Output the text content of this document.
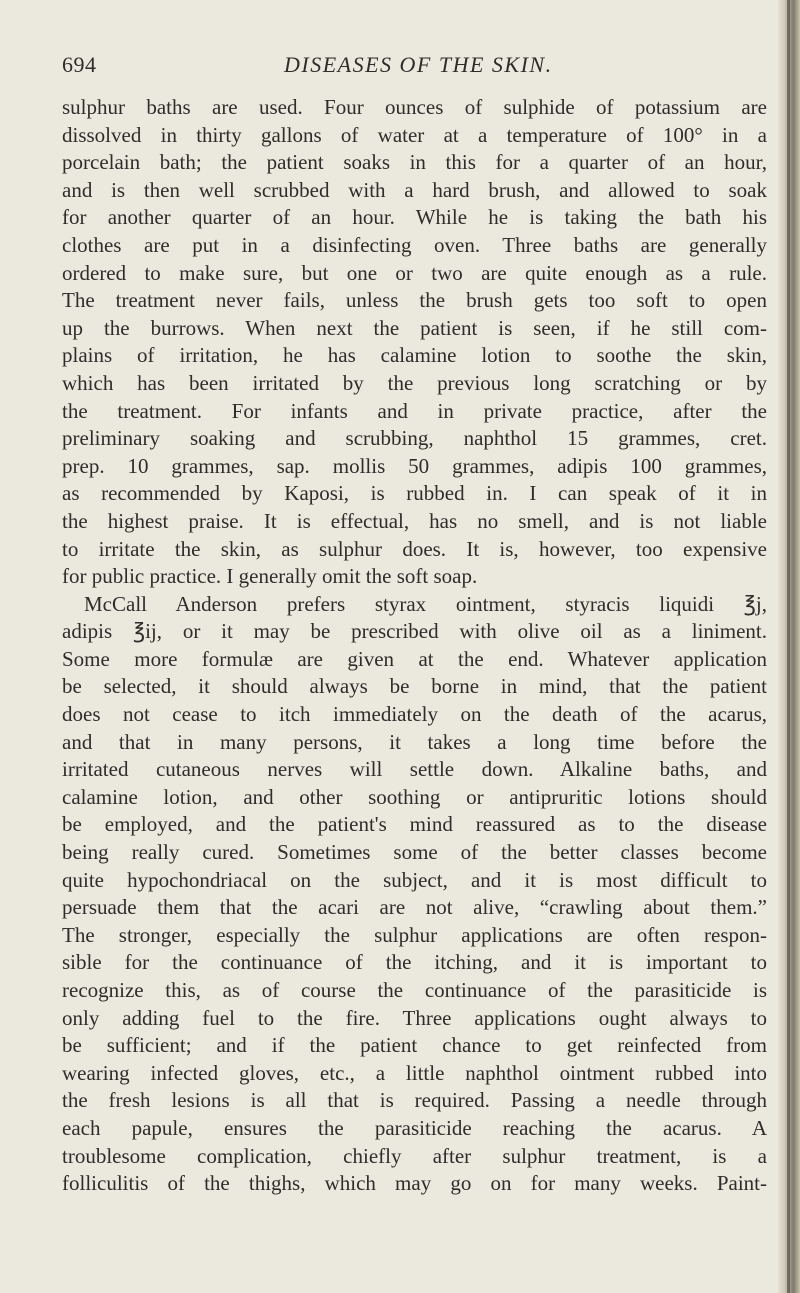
694	DISEASES OF THE SKIN.
sulphur baths are used. Four ounces of sulphide of potassium are
dissolved in thirty gallons of water at a temperature of 100° in a
porcelain bath; the patient soaks in this for a quarter of an hour,
and is then well scrubbed with a hard brush, and allowed to soak
for another quarter of an hour. While he is taking the bath his
clothes are put in a disinfecting oven. Three baths are generally
ordered to make sure, but one or two are quite enough as a rule.
The treatment never fails, unless the brush gets too soft to open
up the burrows. When next the patient is seen, if he still com-
plains of irritation, he has calamine lotion to soothe the skin,
which has been irritated by the previous long scratching or by
the treatment. For infants and in private practice, after the
preliminary soaking and scrubbing, naphthol 15 grammes, cret.
prep. 10 grammes, sap. mollis 50 grammes, adipis 100 grammes,
as recommended by Kaposi, is rubbed in. I can speak of it in
the highest praise. It is effectual, has no smell, and is not liable
to irritate the skin, as sulphur does. It is, however, too expensive
for public practice. I generally omit the soft soap.
McCall Anderson prefers styrax ointment, styracis liquidi ℥j,
adipis ℥ij, or it may be prescribed with olive oil as a liniment.
Some more formulæ are given at the end. Whatever application
be selected, it should always be borne in mind, that the patient
does not cease to itch immediately on the death of the acarus,
and that in many persons, it takes a long time before the
irritated cutaneous nerves will settle down. Alkaline baths, and
calamine lotion, and other soothing or antipruritic lotions should
be employed, and the patient's mind reassured as to the disease
being really cured. Sometimes some of the better classes become
quite hypochondriacal on the subject, and it is most difficult to
persuade them that the acari are not alive, “crawling about them.”
The stronger, especially the sulphur applications are often respon-
sible for the continuance of the itching, and it is important to
recognize this, as of course the continuance of the parasiticide is
only adding fuel to the fire. Three applications ought always to
be sufficient; and if the patient chance to get reinfected from
wearing infected gloves, etc., a little naphthol ointment rubbed into
the fresh lesions is all that is required. Passing a needle through
each papule, ensures the parasiticide reaching the acarus. A
troublesome complication, chiefly after sulphur treatment, is a
folliculitis of the thighs, which may go on for many weeks. Paint-
